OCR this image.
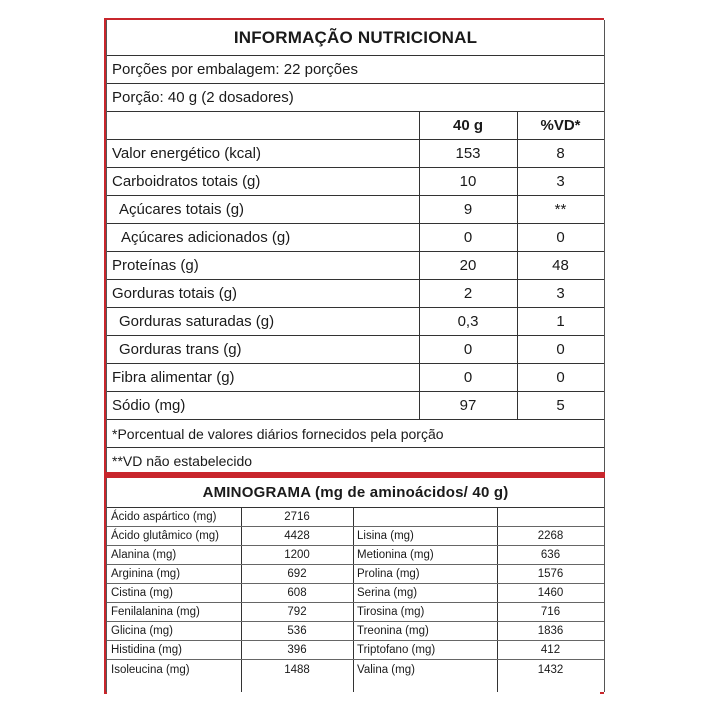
INFORMAÇÃO NUTRICIONAL
Porções por embalagem: 22 porções
Porção: 40 g (2 dosadores)
40 g	%VD*
Valor energético (kcal)	153	8
Carboidratos totais (g)	10	3
Açúcares totais (g)	9	**
Açúcares adicionados (g)	0	0
Proteínas (g)	20	48
Gorduras totais (g)	2	3
Gorduras saturadas (g)	0,3	1
Gorduras trans (g)	0	0
Fibra alimentar (g)	0	0
Sódio (mg)	97	5
*Porcentual de valores diários fornecidos pela porção
**VD não estabelecido
AMINOGRAMA (mg de aminoácidos/ 40 g)
Ácido aspártico (mg)	2716
Ácido glutâmico (mg)	4428	Lisina (mg)	2268
Alanina (mg)	1200	Metionina (mg)	636
Arginina (mg)	692	Prolina (mg)	1576
Cistina (mg)	608	Serina (mg)	1460
Fenilalanina (mg)	792	Tirosina (mg)	716
Glicina (mg)	536	Treonina (mg)	1836
Histidina (mg)	396	Triptofano (mg)	412
Isoleucina (mg)	1488	Valina (mg)	1432
